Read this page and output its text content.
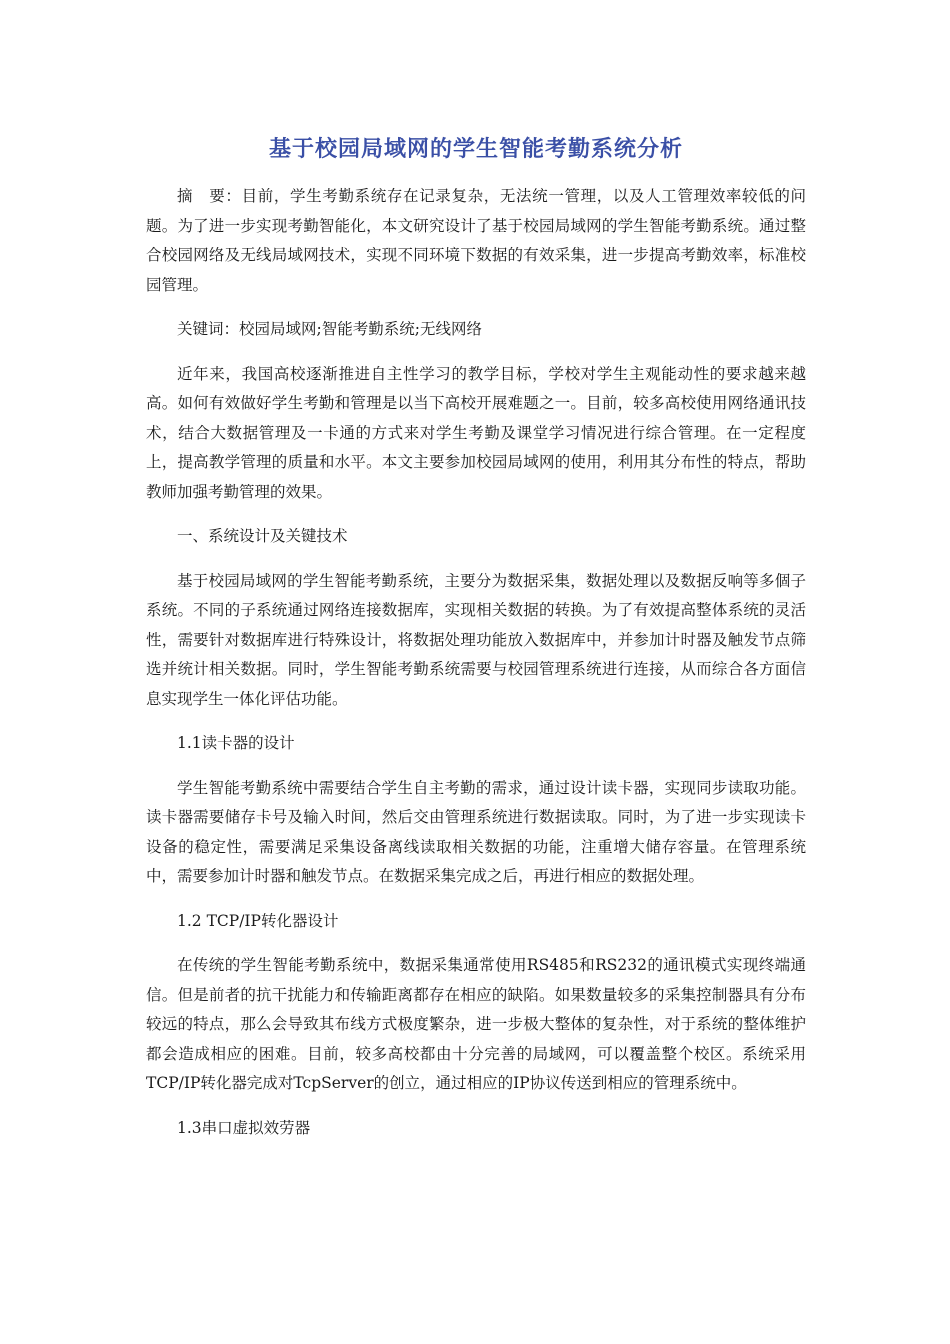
基于校园局域网的学生智能考勤系统分析

摘　要：目前，学生考勤系统存在记录复杂，无法统一管理，以及人工管理效率较低的问题。为了进一步实现考勤智能化，本文研究设计了基于校园局域网的学生智能考勤系统。通过整合校园网络及无线局域网技术，实现不同环境下数据的有效采集，进一步提高考勤效率，标准校园管理。

关键词：校园局域网;智能考勤系统;无线网络

近年来，我国高校逐渐推进自主性学习的教学目标，学校对学生主观能动性的要求越来越高。如何有效做好学生考勤和管理是以当下高校开展难题之一。目前，较多高校使用网络通讯技术，结合大数据管理及一卡通的方式来对学生考勤及课堂学习情况进行综合管理。在一定程度上，提高教学管理的质量和水平。本文主要参加校园局域网的使用，利用其分布性的特点，帮助教师加强考勤管理的效果。

一、系统设计及关键技术

基于校园局域网的学生智能考勤系统，主要分为数据采集，数据处理以及数据反响等多個子系统。不同的子系统通过网络连接数据库，实现相关数据的转换。为了有效提高整体系统的灵活性，需要针对数据库进行特殊设计，将数据处理功能放入数据库中，并参加计时器及触发节点筛选并统计相关数据。同时，学生智能考勤系统需要与校园管理系统进行连接，从而综合各方面信息实现学生一体化评估功能。

1.1读卡器的设计

学生智能考勤系统中需要结合学生自主考勤的需求，通过设计读卡器，实现同步读取功能。读卡器需要储存卡号及输入时间，然后交由管理系统进行数据读取。同时，为了进一步实现读卡设备的稳定性，需要满足采集设备离线读取相关数据的功能，注重增大储存容量。在管理系统中，需要参加计时器和触发节点。在数据采集完成之后，再进行相应的数据处理。

1.2 TCP/IP转化器设计

在传统的学生智能考勤系统中，数据采集通常使用RS485和RS232的通讯模式实现终端通信。但是前者的抗干扰能力和传输距离都存在相应的缺陷。如果数量较多的采集控制器具有分布较远的特点，那么会导致其布线方式极度繁杂，进一步极大整体的复杂性，对于系统的整体维护都会造成相应的困难。目前，较多高校都由十分完善的局域网，可以覆盖整个校区。系统采用TCP/IP转化器完成对TcpServer的创立，通过相应的IP协议传送到相应的管理系统中。

1.3串口虚拟效劳器
